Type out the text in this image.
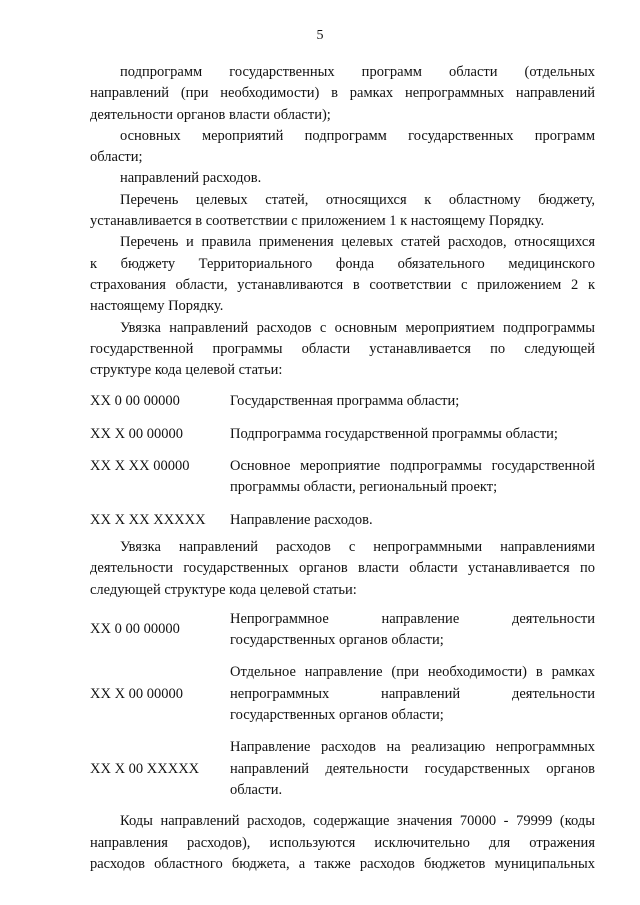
5

подпрограмм государственных программ области (отдельных

направлений (при необходимости) в рамках непрограммных направлений

деятельности органов власти области);

основных мероприятий подпрограмм государственных программ

области;

направлений расходов.

Перечень целевых статей, относящихся к областному бюджету,

устанавливается в соответствии с приложением 1 к настоящему Порядку.

Перечень и правила применения целевых статей расходов, относящихся

к бюджету Территориального фонда обязательного медицинского

страхования области, устанавливаются в соответствии с приложением 2 к

настоящему Порядку.

Увязка направлений расходов с основным мероприятием подпрограммы

государственной программы области устанавливается по следующей

структуре кода целевой статьи:

XX 0 00 00000	Государственная программа области;
XX X 00 00000	Подпрограмма государственной программы области;
XX X XX 00000	Основное мероприятие подпрограммы государственной программы области, региональный проект;
XX X XX XXXXX	Направление расходов.

Увязка направлений расходов с непрограммными направлениями

деятельности государственных органов власти области устанавливается по

следующей структуре кода целевой статьи:

XX 0 00 00000
Непрограммное направление деятельности государственных органов области;
XX X 00 00000
Отдельное направление (при необходимости) в рамках непрограммных направлений деятельности государственных органов области;
XX X 00 XXXXX
Направление расходов на реализацию непрограммных направлений деятельности государственных органов области.

Коды направлений расходов, содержащие значения 70000 - 79999 (коды

направления расходов), используются исключительно для отражения

расходов областного бюджета, а также расходов бюджетов муниципальных
